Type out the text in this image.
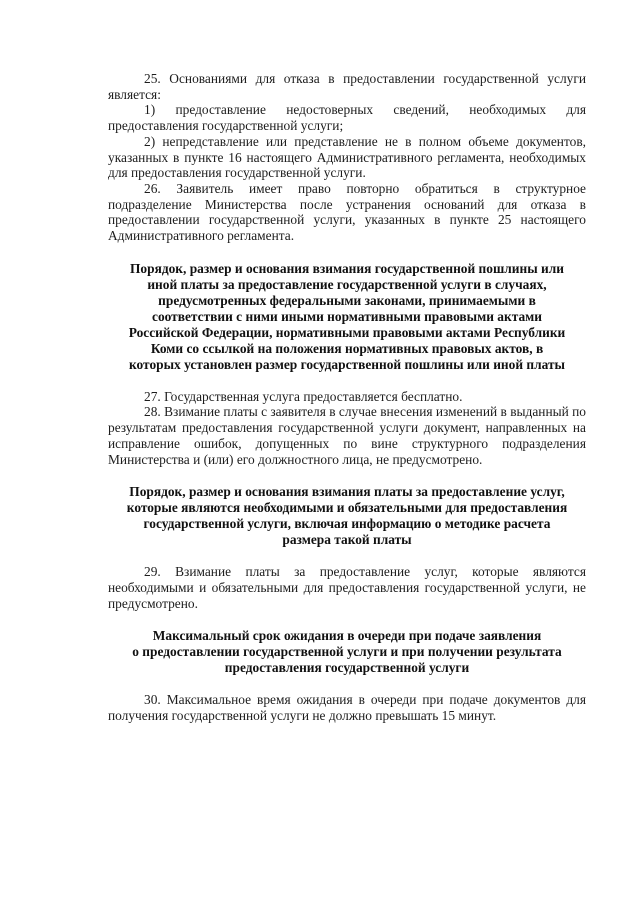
25. Основаниями для отказа в предоставлении государственной услуги является:

1) предоставление недостоверных сведений, необходимых для предоставления государственной услуги;

2) непредставление или представление не в полном объеме документов, указанных в пункте 16 настоящего Административного регламента, необходимых для предоставления государственной услуги.

26. Заявитель имеет право повторно обратиться в структурное подразделение Министерства после устранения оснований для отказа в предоставлении государственной услуги, указанных в пункте 25 настоящего Административного регламента.

Порядок, размер и основания взимания государственной пошлины или
иной платы за предоставление государственной услуги в случаях,
предусмотренных федеральными законами, принимаемыми в
соответствии с ними иными нормативными правовыми актами
Российской Федерации, нормативными правовыми актами Республики
Коми со ссылкой на положения нормативных правовых актов, в
которых установлен размер государственной пошлины или иной платы

27. Государственная услуга предоставляется бесплатно.

28. Взимание платы с заявителя в случае внесения изменений в выданный по результатам предоставления государственной услуги документ, направленных на исправление ошибок, допущенных по вине структурного подразделения Министерства и (или) его должностного лица, не предусмотрено.

Порядок, размер и основания взимания платы за предоставление услуг,
которые являются необходимыми и обязательными для предоставления
государственной услуги, включая информацию о методике расчета
размера такой платы

29. Взимание платы за предоставление услуг, которые являются необходимыми и обязательными для предоставления государственной услуги, не предусмотрено.

Максимальный срок ожидания в очереди при подаче заявления
о предоставлении государственной услуги и при получении результата
предоставления государственной услуги

30. Максимальное время ожидания в очереди при подаче документов для получения государственной услуги не должно превышать 15 минут.
